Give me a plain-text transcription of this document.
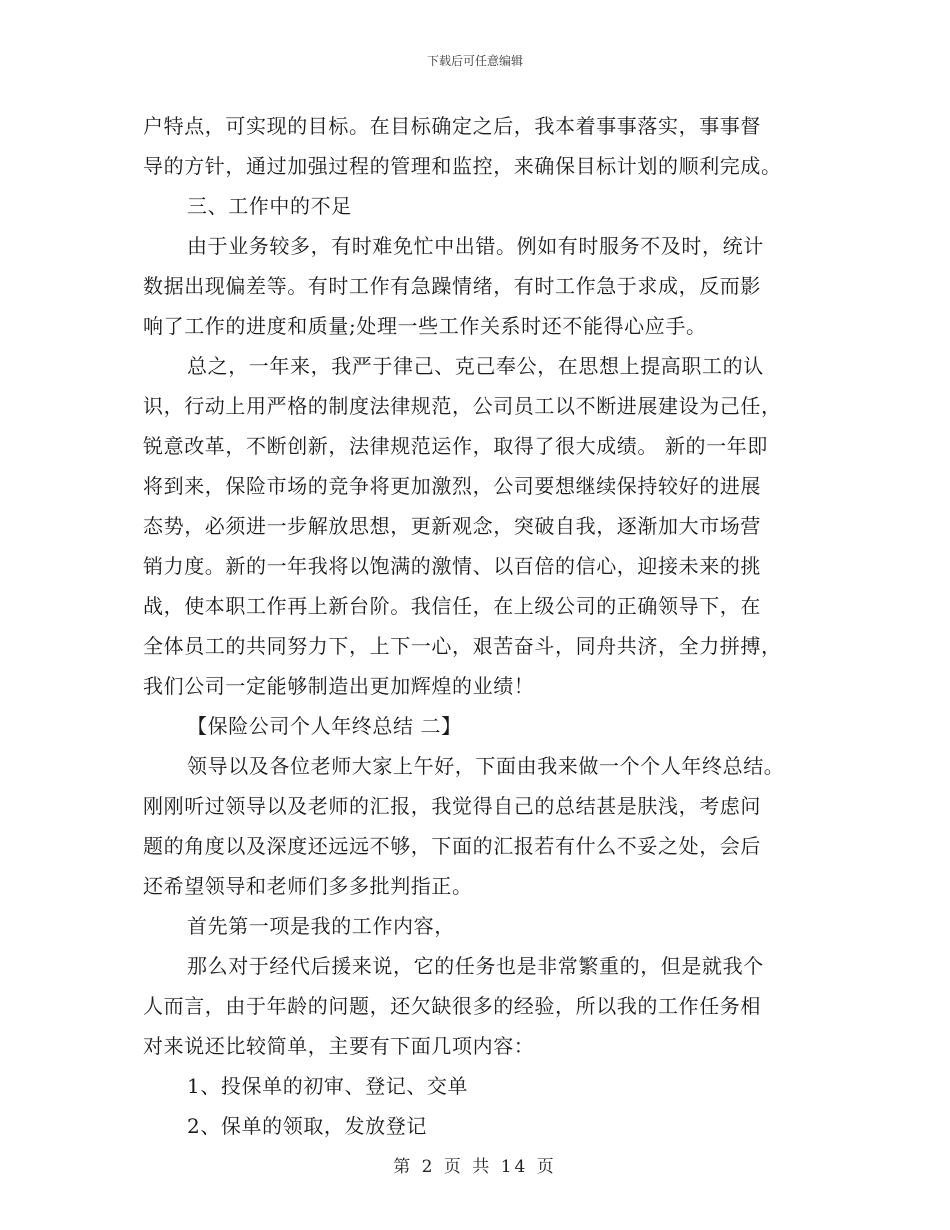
下载后可任意编辑
户特点，可实现的目标。在目标确定之后，我本着事事落实，事事督
导的方针，通过加强过程的管理和监控，来确保目标计划的顺利完成。
三、工作中的不足
由于业务较多，有时难免忙中出错。例如有时服务不及时，统计
数据出现偏差等。有时工作有急躁情绪，有时工作急于求成，反而影
响了工作的进度和质量;处理一些工作关系时还不能得心应手。
总之，一年来，我严于律己、克己奉公，在思想上提高职工的认
识，行动上用严格的制度法律规范，公司员工以不断进展建设为己任，
锐意改革，不断创新，法律规范运作，取得了很大成绩。 新的一年即
将到来，保险市场的竞争将更加激烈，公司要想继续保持较好的进展
态势，必须进一步解放思想，更新观念，突破自我，逐渐加大市场营
销力度。新的一年我将以饱满的激情、以百倍的信心，迎接未来的挑
战，使本职工作再上新台阶。我信任，在上级公司的正确领导下，在
全体员工的共同努力下，上下一心，艰苦奋斗，同舟共济，全力拼搏，
我们公司一定能够制造出更加辉煌的业绩！
【保险公司个人年终总结 二】
领导以及各位老师大家上午好，下面由我来做一个个人年终总结。
刚刚听过领导以及老师的汇报，我觉得自己的总结甚是肤浅，考虑问
题的角度以及深度还远远不够，下面的汇报若有什么不妥之处，会后
还希望领导和老师们多多批判指正。
首先第一项是我的工作内容，
那么对于经代后援来说，它的任务也是非常繁重的，但是就我个
人而言，由于年龄的问题，还欠缺很多的经验，所以我的工作任务相
对来说还比较简单，主要有下面几项内容：
1、投保单的初审、登记、交单
2、保单的领取，发放登记
第 2 页 共 14 页
